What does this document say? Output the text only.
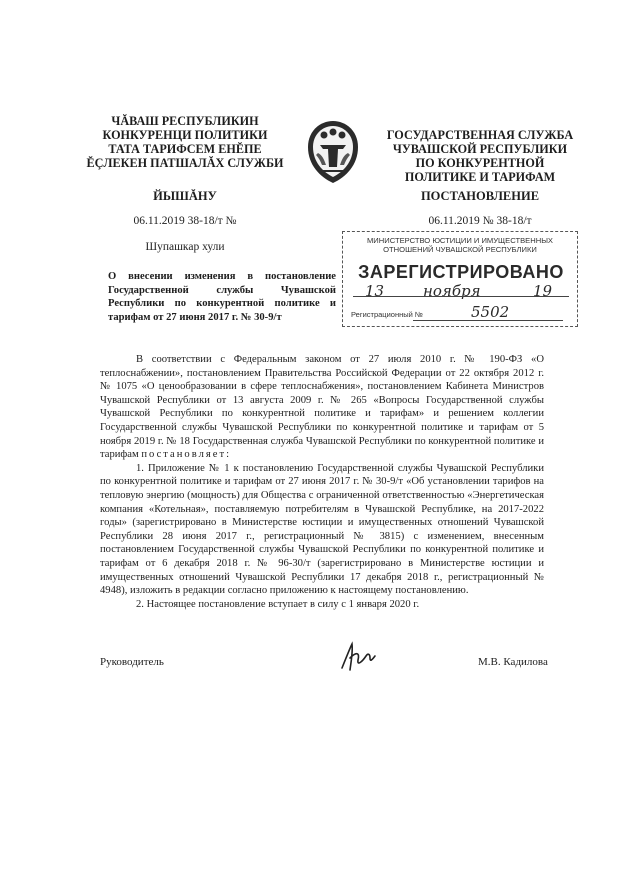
ЧĂВАШ РЕСПУБЛИКИН
КОНКУРЕНЦИ ПОЛИТИКИ
ТАТА ТАРИФСЕМ ЕНĔПЕ
ĔÇЛЕКЕН ПАТШАЛĂХ СЛУЖБИ
ЙЫШĂНУ
06.11.2019 38-18/т №
Шупашкар хули
ГОСУДАРСТВЕННАЯ СЛУЖБА
ЧУВАШСКОЙ РЕСПУБЛИКИ
ПО КОНКУРЕНТНОЙ
ПОЛИТИКЕ И ТАРИФАМ
ПОСТАНОВЛЕНИЕ
06.11.2019 № 38-18/т
МИНИСТЕРСТВО ЮСТИЦИИ И ИМУЩЕСТВЕННЫХ
ОТНОШЕНИЙ ЧУВАШСКОЙ РЕСПУБЛИКИ
ЗАРЕГИСТРИРОВАНО
13	ноября	19
Регистрационный №	5502
О внесении изменения в постановление Государственной службы Чувашской Республики по конкурентной политике и тарифам от 27 июня 2017 г. № 30-9/т

В соответствии с Федеральным законом от 27 июля 2010 г. № 190-ФЗ «О теплоснабжении», постановлением Правительства Российской Федерации от 22 октября 2012 г. № 1075 «О ценообразовании в сфере теплоснабжения», постановлением Кабинета Министров Чувашской Республики от 13 августа 2009 г. № 265 «Вопросы Государственной службы Чувашской Республики по конкурентной политике и тарифам» и решением коллегии Государственной службы Чувашской Республики по конкурентной политике и тарифам от 5 ноября 2019 г. № 18 Государственная служба Чувашской Республики по конкурентной политике и тарифам постановляет:

1. Приложение № 1 к постановлению Государственной службы Чувашской Республики по конкурентной политике и тарифам от 27 июня 2017 г. № 30-9/т «Об установлении тарифов на тепловую энергию (мощность) для Общества с ограниченной ответственностью «Энергетическая компания «Котельная», поставляемую потребителям в Чувашской Республике, на 2017-2022 годы» (зарегистрировано в Министерстве юстиции и имущественных отношений Чувашской Республики 28 июня 2017 г., регистрационный № 3815) с изменением, внесенным постановлением Государственной службы Чувашской Республики по конкурентной политике и тарифам от 6 декабря 2018 г. № 96-30/т (зарегистрировано в Министерстве юстиции и имущественных отношений Чувашской Республики 17 декабря 2018 г., регистрационный № 4948), изложить в редакции согласно приложению к настоящему постановлению.

2. Настоящее постановление вступает в силу с 1 января 2020 г.

Руководитель	М.В. Кадилова
